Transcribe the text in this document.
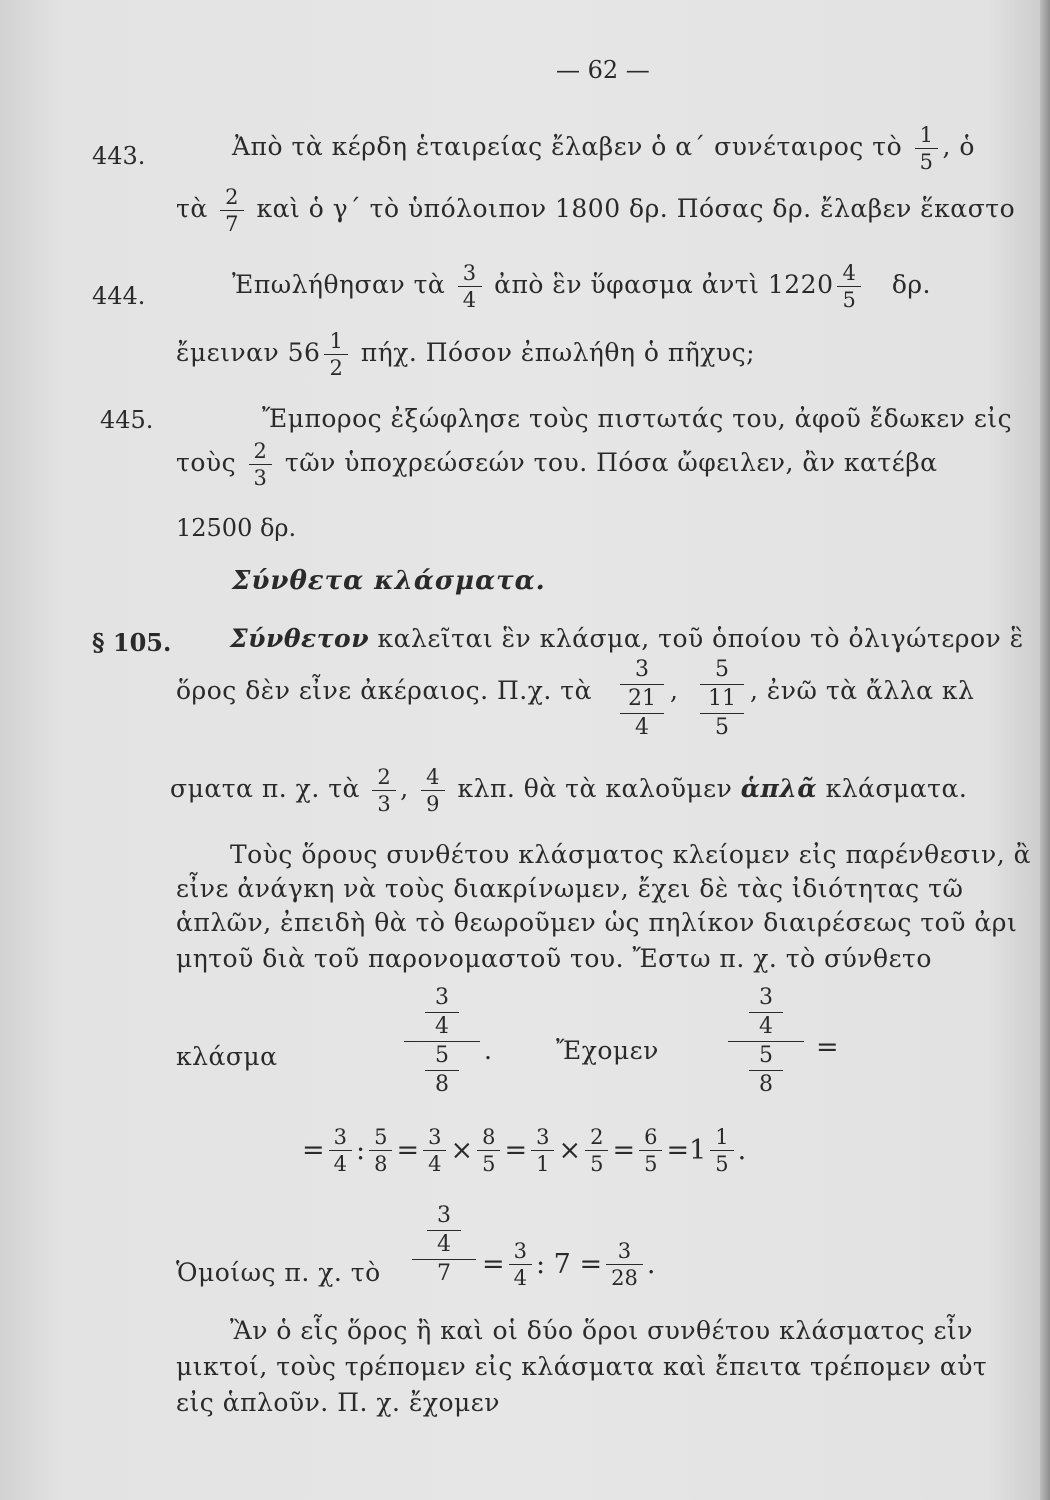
— 62 —
443.	Ἀπὸ τὰ κέρδη ἑταιρείας ἔλαβεν ὁ α΄ συνέταιρος τὸ $\frac{1}{5}$ , ὁ
τὰ $\frac{2}{7}$ καὶ ὁ γ΄ τὸ ὑπόλοιπον 1800 δρ. Πόσας δρ. ἔλαβεν ἕκαστο
444.	Ἐπωλήθησαν τὰ $\frac{3}{4}$ ἀπὸ ἓν ὕφασμα ἀντὶ $1220 \frac{4}{5} \delta\rho$.
ἔμειναν $56 \frac{1}{2} \pi ή\chi$. Πόσον ἐπωλήθη ὁ πῆχυς;
445.	Ἔμπορος ἐξώφλησε τοὺς πιστωτάς του, ἀφοῦ ἔδωκεν εἰς
τοὺς $\frac{2}{3}$ τῶν ὑποχρεώσεών του. Πόσα ὤφειλεν, ἂν κατέβα
12500 δρ.
Σύνθετα κλάσματα.
§ 105. Σύνθετον καλεῖται ἓν κλάσμα, τοῦ ὁποίου τὸ ὀλιγώτερον ἓ
ὅρος δὲν εἶνε ἀκέραιος. Π.χ. τὰ
3
21
4
,
5
11
5
, ἐνῶ τὰ ἄλλα κλ
σματα π. χ. τὰ $\frac{2}{3}$ , $\frac{4}{9} \kappa\lambda\pi$. θὰ τὰ καλοῦμεν ἁπλᾶ κλάσματα.
Τοὺς ὅρους συνθέτου κλάσματος κλείομεν εἰς παρένθεσιν, ἂ
εἶνε ἀνάγκη νὰ τοὺς διακρίνωμεν, ἔχει δὲ τὰς ἰδιότητας τῶ
ἁπλῶν, ἐπειδὴ θὰ τὸ θεωροῦμεν ὡς πηλίκον διαιρέσεως τοῦ ἀρι
μητοῦ διὰ τοῦ παρονομαστοῦ του. Ἔστω π. χ. τὸ σύνθετο
κλάσμα
3
4
5
8
.	Ἔχομεν
3
4
5
8
=
= $\frac{3}{4}$ : $\frac{5}{8} = \frac{3}{4} \times \frac{8}{5} = \frac{3}{1} \times \frac{2}{5} = \frac{6}{5} =1 \frac{1}{5}$ .
Ὁμοίως π. χ. τὸ
3
4
$7 = \frac{3}{4}$ : $7 = \frac{3}{28}$ .
Ἂν ὁ εἷς ὅρος ἢ καὶ οἱ δύο ὅροι συνθέτου κλάσματος εἶν
μικτοί, τοὺς τρέπομεν εἰς κλάσματα καὶ ἔπειτα τρέπομεν αὐτ
εἰς ἁπλοῦν. Π. χ. ἔχομεν
